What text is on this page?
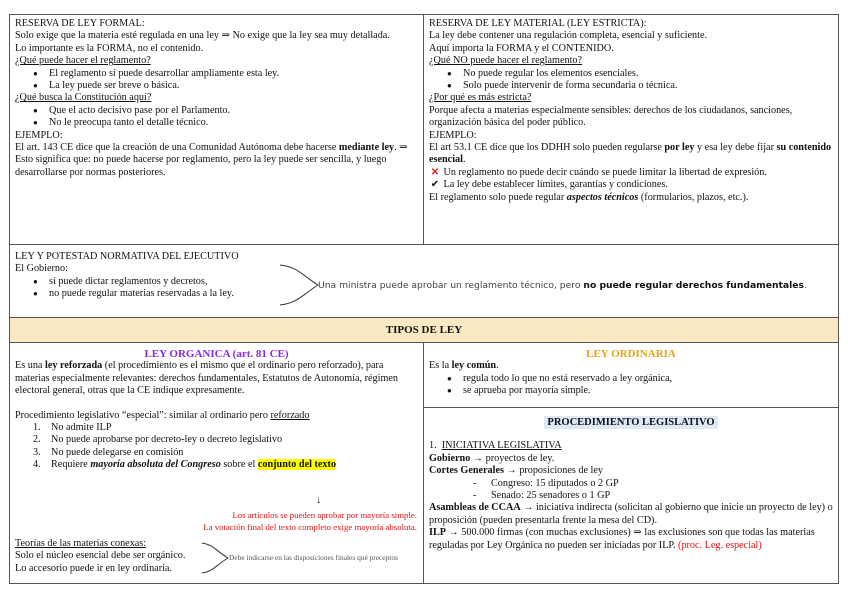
RESERVA DE LEY FORMAL:
Solo exige que la materia esté regulada en una ley ⇒ No exige que la ley sea muy detallada.
Lo importante es la FORMA, no el contenido.
¿Qué puede hacer el reglamento?
● El reglamento sí puede desarrollar ampliamente esta ley.
● La ley puede ser breve o básica.
¿Qué busca la Constitución aquí?
● Que el acto decisivo pase por el Parlamento.
● No le preocupa tanto el detalle técnico.
EJEMPLO:
El art. 143 CE dice que la creación de una Comunidad Autónoma debe hacerse mediante ley. ⇒ Esto significa que: no puede hacerse por reglamento, pero la ley puede ser sencilla, y luego desarrollarse por normas posteriores.
RESERVA DE LEY MATERIAL (LEY ESTRICTA):
La ley debe contener una regulación completa, esencial y suficiente.
Aquí importa la FORMA y el CONTENIDO.
¿Qué NO puede hacer el reglamento?
● No puede regular los elementos esenciales.
● Solo puede intervenir de forma secundaria o técnica.
¿Por qué es más estricta?
Porque afecta a materias especialmente sensibles: derechos de los ciudadanos, sanciones, organización básica del poder público.
EJEMPLO:
El art 53.1 CE dice que los DDHH solo pueden regularse por ley y esa ley debe fijar su contenido esencial.
✕ Un reglamento no puede decir cuándo se puede limitar la libertad de expresión.
✔ La ley debe establecer límites, garantías y condiciones.
El reglamento solo puede regular aspectos técnicos (formularios, plazos, etc.).
LEY Y POTESTAD NORMATIVA DEL EJECUTIVO
El Gobierno:
● sí puede dictar reglamentos y decretos,
● no puede regular materias reservadas a la ley.
Una ministra puede aprobar un reglamento técnico, pero no puede regular derechos fundamentales.
TIPOS DE LEY
LEY ORGANICA (art. 81 CE)
Es una ley reforzada (el procedimiento es el mismo que el ordinario pero reforzado), para materias especialmente relevantes: derechos fundamentales, Estatutos de Autonomía, régimen electoral general, otras que la CE indique expresamente.
Procedimiento legislativo “especial”: similar al ordinario pero reforzado
1. No admite ILP
2. No puede aprobarse por decreto-ley o decreto legislativo
3. No puede delegarse en comisión
4. Requiere mayoría absoluta del Congreso sobre el conjunto del texto
↓
Los artículos se pueden aprobar por mayoría simple.
La votación final del texto completo exige mayoría absoluta.
Teorías de las materias conexas:
Solo el núcleo esencial debe ser orgánico.
Lo accesorio puede ir en ley ordinaria.
Debe indicarse en las disposiciones finales qué preceptos
LEY ORDINARIA
Es la ley común.
● regula todo lo que no está reservado a ley orgánica,
● se aprueba por mayoría simple.
PROCEDIMIENTO LEGISLATIVO
1. INICIATIVA LEGISLATIVA
Gobierno → proyectos de ley.
Cortes Generales → proposiciones de ley
- Congreso: 15 diputados o 2 GP
- Senado: 25 senadores o 1 GP
Asambleas de CCAA → iniciativa indirecta (solicitan al gobierno que inicie un proyecto de ley) o proposición (pueden presentarla frente la mesa del CD).
ILP → 500.000 firmas (con muchas exclusiones) ⇒ las exclusiones son que todas las materias reguladas por Ley Orgánica no pueden ser iniciadas por ILP. (proc. Leg. especial)
